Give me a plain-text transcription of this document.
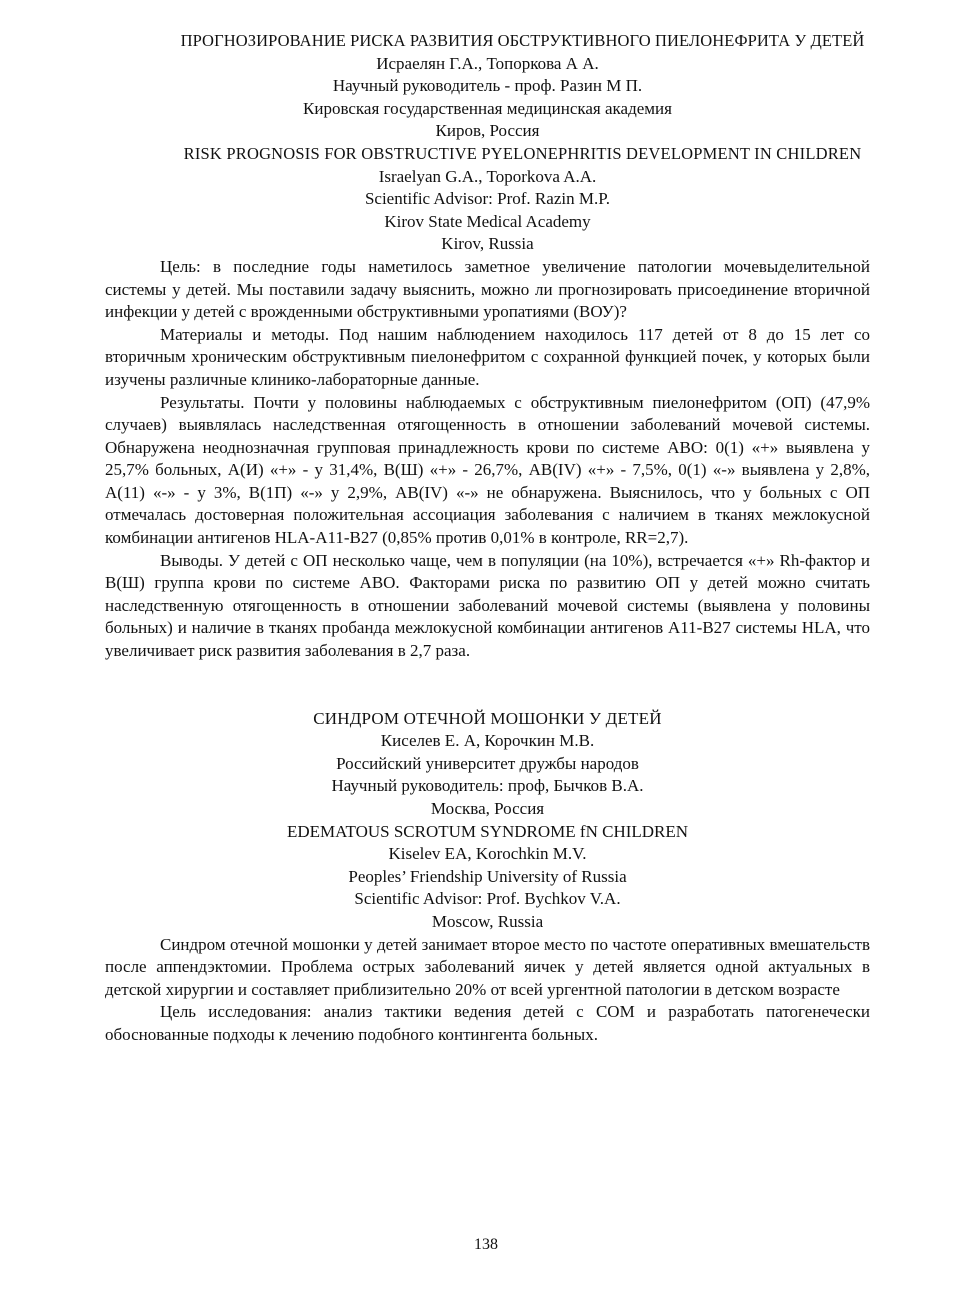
ПРОГНОЗИРОВАНИЕ РИСКА РАЗВИТИЯ ОБСТРУКТИВНОГО ПИЕЛОНЕФРИТА У ДЕТЕЙ

Исраелян Г.А., Топоркова А А.

Научный руководитель - проф. Разин М П.

Кировская государственная медицинская академия

Киров, Россия

RISK PROGNOSIS FOR OBSTRUCTIVE PYELONEPHRITIS DEVELOPMENT IN CHILDREN

Israelyan G.A., Toporkova A.A.

Scientific Advisor: Prof. Razin M.P.

Kirov State Medical Academy

Kirov, Russia

Цель: в последние годы наметилось заметное увеличение патологии мочевыделительной системы у детей. Мы поставили задачу выяснить, можно ли прогнозировать присоединение вторичной инфекции у детей с врожденными обструктивными уропатиями (ВОУ)?

Материалы и методы. Под нашим наблюдением находилось 117 детей от 8 до 15 лет со вторичным хроническим обструктивным пиелонефритом с сохранной функцией почек, у которых были изучены различные клинико-лабораторные данные.

Результаты. Почти у половины наблюдаемых с обструктивным пиелонефритом (ОП) (47,9% случаев) выявлялась наследственная отягощенность в отношении заболеваний мочевой системы. Обнаружена неоднозначная групповая принадлежность крови по системе АВО: 0(1) «+» выявлена у 25,7% больных, А(И) «+» - у 31,4%, В(Ш) «+» - 26,7%, АВ(IV) «+» - 7,5%, 0(1) «-» выявлена у 2,8%, А(11) «-» - у 3%, В(1П) «-» у 2,9%, АВ(IV) «-» не обнаружена. Выяснилось, что у больных с ОП отмечалась достоверная положительная ассоциация заболевания с наличием в тканях межлокусной комбинации антигенов HLA-A11-B27 (0,85% против 0,01% в контроле, RR=2,7).

Выводы. У детей с ОП несколько чаще, чем в популяции (на 10%), встречается «+» Rh-фактор и В(Ш) группа крови по системе АВО. Факторами риска по развитию ОП у детей можно считать наследственную отягощенность в отношении заболеваний мочевой системы (выявлена у половины больных) и наличие в тканях пробанда межлокусной комбинации антигенов А11-В27 системы HLA, что увеличивает риск развития заболевания в 2,7 раза.

СИНДРОМ ОТЕЧНОЙ МОШОНКИ У ДЕТЕЙ

Киселев Е. А, Корочкин М.В.

Российский университет дружбы народов

Научный руководитель: проф, Бычков В.А.

Москва, Россия

EDEMATOUS SCROTUM SYNDROME fN CHILDREN

Kiselev EA, Korochkin M.V.

Peoples’ Friendship University of Russia

Scientific Advisor: Prof. Bychkov V.A.

Moscow, Russia

Синдром отечной мошонки у детей занимает второе место по частоте оперативных вмешательств после аппендэктомии. Проблема острых заболеваний яичек у детей является одной актуальных в детской хирургии и составляет приблизительно 20% от всей ургентной патологии в детском возрасте

Цель исследования: анализ тактики ведения детей с СОМ и разработать патогенечески обоснованные подходы к лечению подобного контингента больных.

138
